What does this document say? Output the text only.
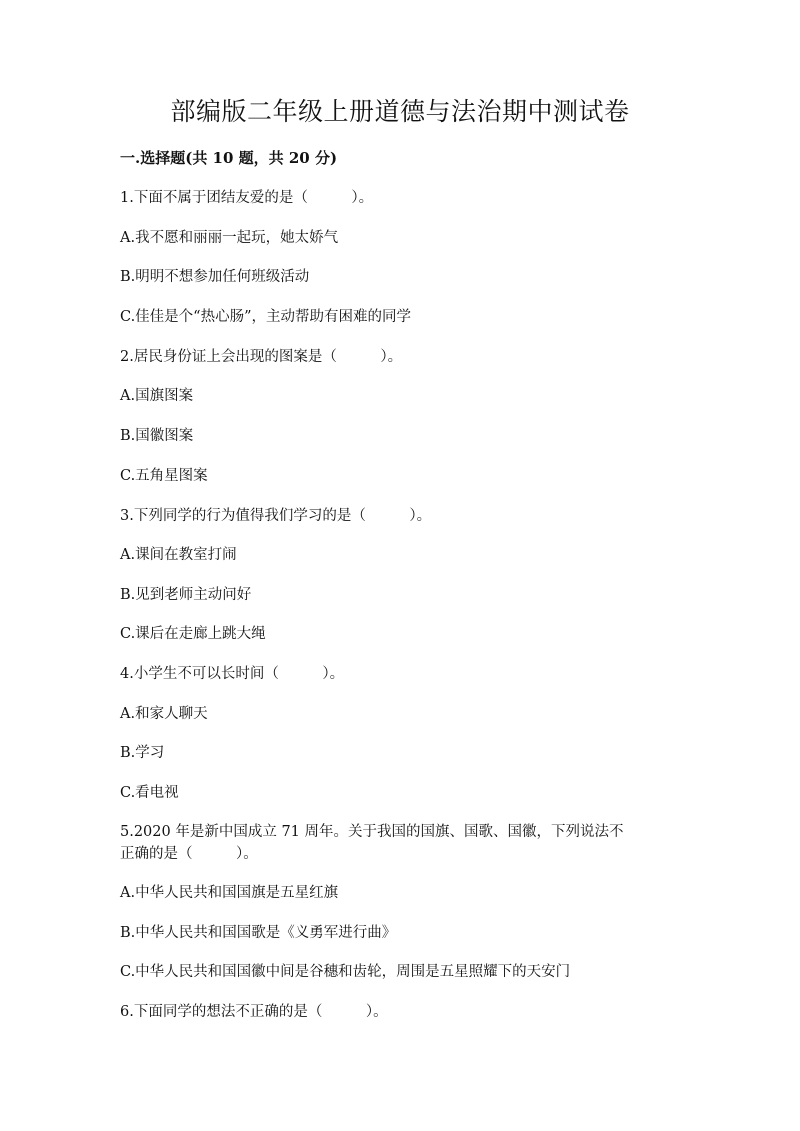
部编版二年级上册道德与法治期中测试卷

一.选择题(共 10 题，共 20 分)

1.下面不属于团结友爱的是（　　　）。

A.我不愿和丽丽一起玩，她太娇气

B.明明不想参加任何班级活动

C.佳佳是个“热心肠”，主动帮助有困难的同学

2.居民身份证上会出现的图案是（　　　）。

A.国旗图案

B.国徽图案

C.五角星图案

3.下列同学的行为值得我们学习的是（　　　）。

A.课间在教室打闹

B.见到老师主动问好

C.课后在走廊上跳大绳

4.小学生不可以长时间（　　　）。

A.和家人聊天

B.学习

C.看电视

5.2020 年是新中国成立 71 周年。关于我国的国旗、国歌、国徽，下列说法不

正确的是（　　　）。

A.中华人民共和国国旗是五星红旗

B.中华人民共和国国歌是《义勇军进行曲》

C.中华人民共和国国徽中间是谷穗和齿轮，周围是五星照耀下的天安门

6.下面同学的想法不正确的是（　　　）。
